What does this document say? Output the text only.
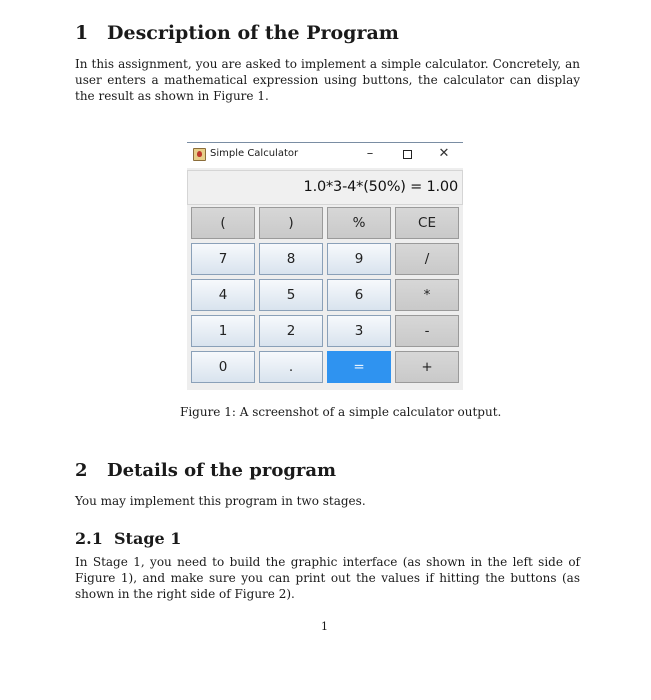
1 Description of the Program
In this assignment, you are asked to implement a simple calculator. Concretely, an user enters a mathematical expression using buttons, the calculator can display the result as shown in Figure 1.
Simple Calculator	–	✕
1.0*3-4*(50%) = 1.00
(	)	%	CE
7	8	9	/
4	5	6	*
1	2	3	-
0	.	=	+
Figure 1: A screenshot of a simple calculator output.
2 Details of the program
You may implement this program in two stages.
2.1 Stage 1
In Stage 1, you need to build the graphic interface (as shown in the left side of Figure 1), and make sure you can print out the values if hitting the buttons (as shown in the right side of Figure 2).
1
